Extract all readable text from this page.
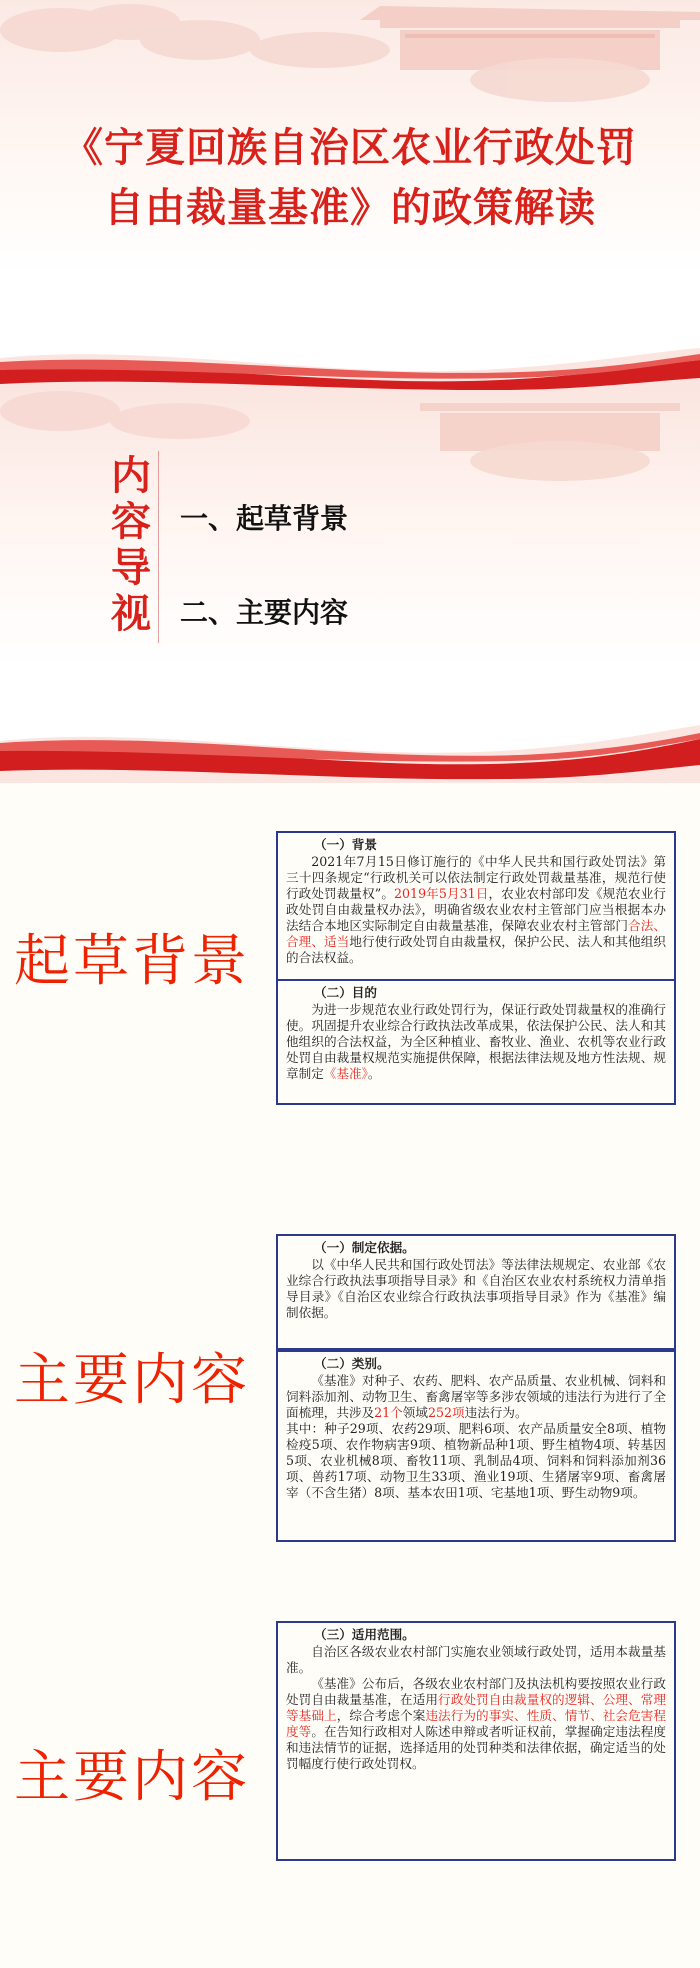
《宁夏回族自治区农业行政处罚
自由裁量基准》的政策解读
内
容
导
视
一、起草背景
二、主要内容
起草背景
（一）背景

2021年7月15日修订施行的《中华人民共和国行政处罚法》第三十四条规定“行政机关可以依法制定行政处罚裁量基准，规范行使行政处罚裁量权”。2019年5月31日，农业农村部印发《规范农业行政处罚自由裁量权办法》，明确省级农业农村主管部门应当根据本办法结合本地区实际制定自由裁量基准，保障农业农村主管部门合法、合理、适当地行使行政处罚自由裁量权，保护公民、法人和其他组织的合法权益。

（二）目的

为进一步规范农业行政处罚行为，保证行政处罚裁量权的准确行使。巩固提升农业综合行政执法改革成果，依法保护公民、法人和其他组织的合法权益，为全区种植业、畜牧业、渔业、农机等农业行政处罚自由裁量权规范实施提供保障，根据法律法规及地方性法规、规章制定《基准》。

主要内容
（一）制定依据。

以《中华人民共和国行政处罚法》等法律法规规定、农业部《农业综合行政执法事项指导目录》和《自治区农业农村系统权力清单指导目录》《自治区农业综合行政执法事项指导目录》作为《基准》编制依据。

（二）类别。

《基准》对种子、农药、肥料、农产品质量、农业机械、饲料和饲料添加剂、动物卫生、畜禽屠宰等多涉农领域的违法行为进行了全面梳理，共涉及21个领域252项违法行为。

其中：种子29项、农药29项、肥料6项、农产品质量安全8项、植物检疫5项、农作物病害9项、植物新品种1项、野生植物4项、转基因5项、农业机械8项、畜牧11项、乳制品4项、饲料和饲料添加剂36项、兽药17项、动物卫生33项、渔业19项、生猪屠宰9项、畜禽屠宰（不含生猪）8项、基本农田1项、宅基地1项、野生动物9项。
主要内容
（三）适用范围。

自治区各级农业农村部门实施农业领域行政处罚，适用本裁量基准。

《基准》公布后，各级农业农村部门及执法机构要按照农业行政处罚自由裁量基准，在适用行政处罚自由裁量权的逻辑、公理、常理等基础上，综合考虑个案违法行为的事实、性质、情节、社会危害程度等。在告知行政相对人陈述申辩或者听证权前，掌握确定违法程度和违法情节的证据，选择适用的处罚种类和法律依据，确定适当的处罚幅度行使行政处罚权。
